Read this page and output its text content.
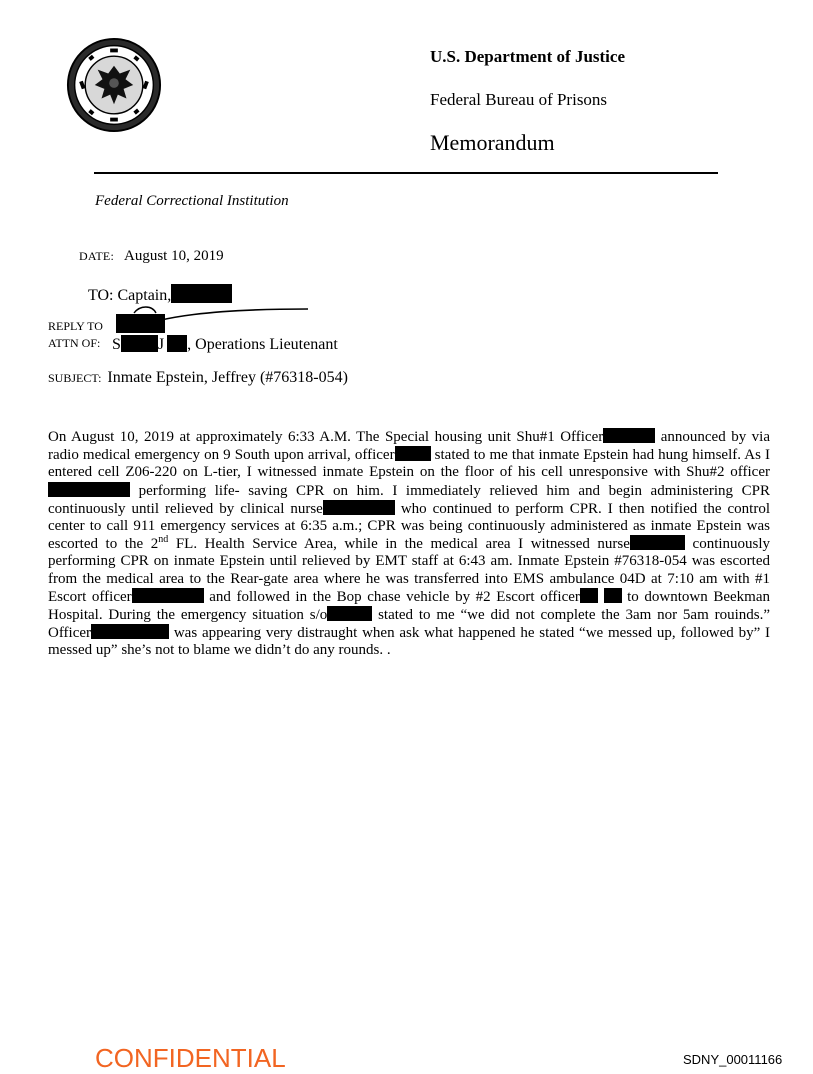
U.S. Department of Justice
Federal Bureau of Prisons
Memorandum
Federal Correctional Institution
DATE: August 10, 2019
TO: Captain,
REPLY TO
ATTN OF: S J , Operations Lieutenant
SUBJECT: Inmate Epstein, Jeffrey (#76318-054)
On August 10, 2019 at approximately 6:33 A.M. The Special housing unit Shu#1 Officer	announced by via radio medical emergency on 9 South upon arrival, officer	stated to me that inmate Epstein had hung himself. As I entered cell Z06-220 on L-tier, I witnessed inmate Epstein on the floor of his cell unresponsive with Shu#2 officer performing life- saving CPR on him. I immediately relieved him and begin administering CPR continuously until relieved by clinical nurse	who continued to perform CPR. I then notified the control center to call 911 emergency services at 6:35 a.m.; CPR was being continuously administered as inmate Epstein was escorted to the 2nd FL. Health Service Area, while in the medical area I witnessed nurse	continuously performing CPR on inmate Epstein until relieved by EMT staff at 6:43 am. Inmate Epstein #76318-054 was escorted from the medical area to the Rear-gate area where he was transferred into EMS ambulance 04D at 7:10 am with #1 Escort officer	and followed in the Bop chase vehicle by #2 Escort officer	to downtown Beekman Hospital. During the emergency situation s/o	stated to me “we did not complete the 3am nor 5am rouinds.” Officer	was appearing very distraught when ask what happened he stated “we messed up, followed by” I messed up” she’s not to blame we didn’t do any rounds. .
CONFIDENTIAL	SDNY_00011166
